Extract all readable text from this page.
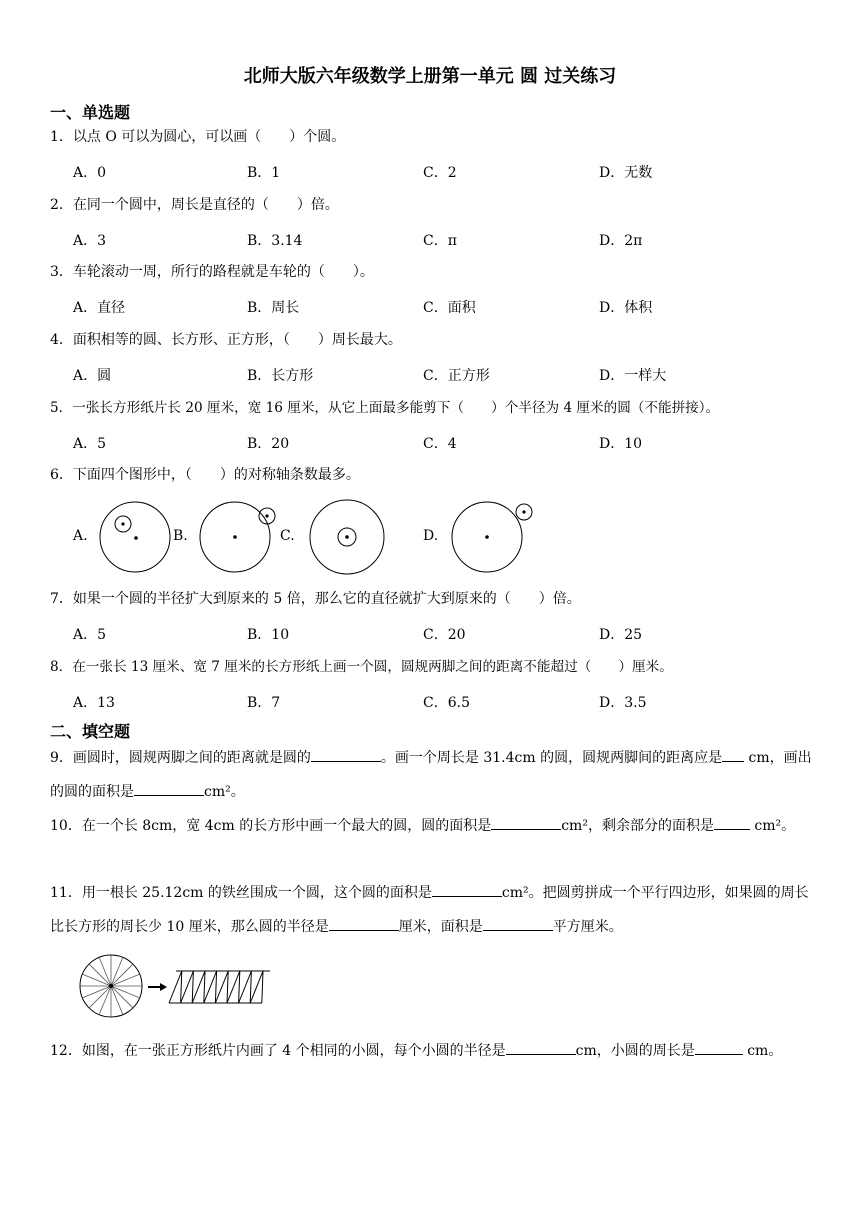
北师大版六年级数学上册第一单元 圆 过关练习
一、单选题
1．以点 O 可以为圆心，可以画（　　）个圆。
A．0	B．1	C．2	D．无数
2．在同一个圆中，周长是直径的（　　）倍。
A．3	B．3.14	C．π	D．2π
3．车轮滚动一周，所行的路程就是车轮的（　　）。
A．直径	B．周长	C．面积	D．体积
4．面积相等的圆、长方形、正方形，（　　）周长最大。
A．圆	B．长方形	C．正方形	D．一样大
5．一张长方形纸片长 20 厘米，宽 16 厘米，从它上面最多能剪下（　　）个半径为 4 厘米的圆（不能拼接）。
A．5	B．20	C．4	D．10
6．下面四个图形中，（　　）的对称轴条数最多。
A.	B.	C.	D.
7．如果一个圆的半径扩大到原来的 5 倍，那么它的直径就扩大到原来的（　　）倍。
A．5	B．10	C．20	D．25
8．在一张长 13 厘米、宽 7 厘米的长方形纸上画一个圆，圆规两脚之间的距离不能超过（　　）厘米。
A．13	B．7	C．6.5	D．3.5
二、填空题
9．画圆时，圆规两脚之间的距离就是圆的	。画一个周长是 31.4cm 的圆，圆规两脚间的距离应是 cm，画出的圆的面积是	cm²。
10．在一个长 8cm，宽 4cm 的长方形中画一个最大的圆，圆的面积是	cm²，剩余部分的面积是	cm²。
11．用一根长 25.12cm 的铁丝围成一个圆，这个圆的面积是	cm²。把圆剪拼成一个平行四边形，如果圆的周长比长方形的周长少 10 厘米，那么圆的半径是	厘米，面积是	平方厘米。
12．如图，在一张正方形纸片内画了 4 个相同的小圆，每个小圆的半径是	cm，小圆的周长是	cm。
